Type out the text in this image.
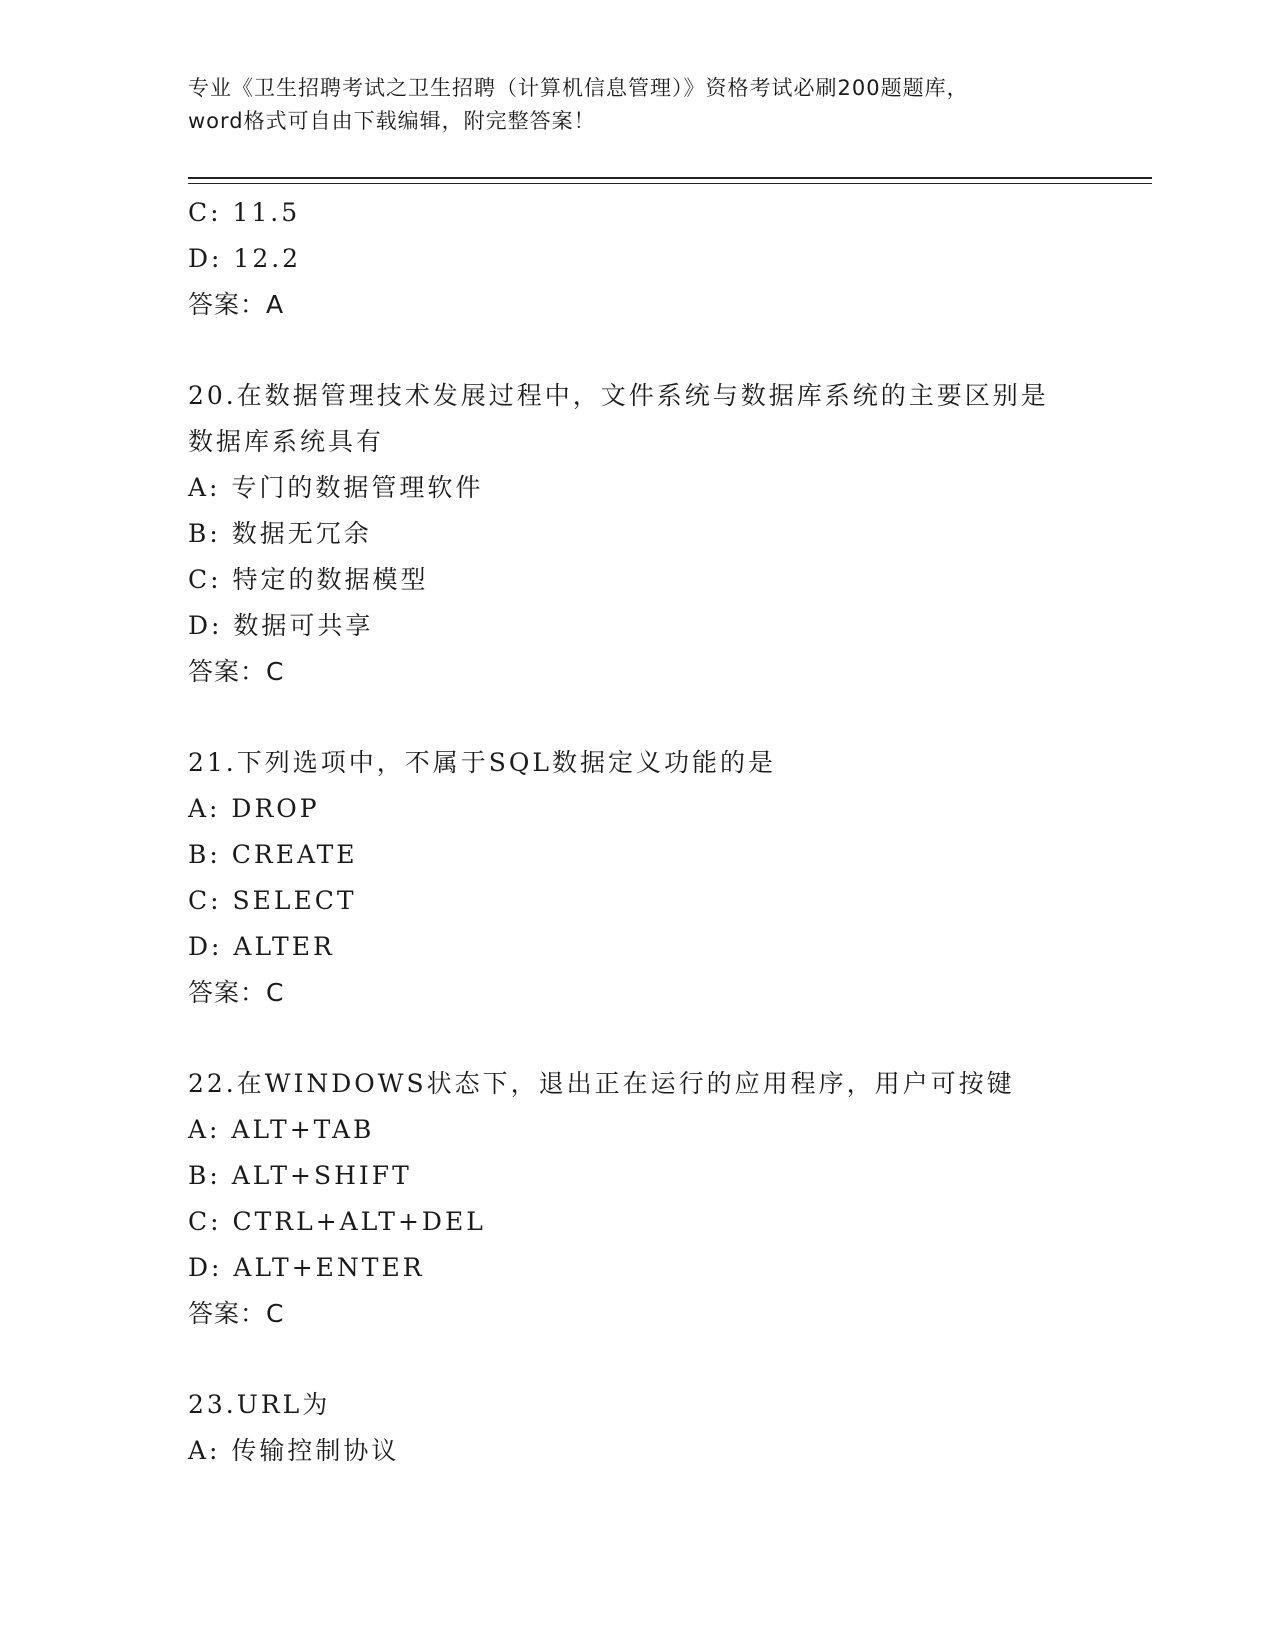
专业《卫生招聘考试之卫生招聘（计算机信息管理）》资格考试必刷200题题库，
word格式可自由下载编辑，附完整答案！
C: 11.5
D: 12.2
答案：A
20.在数据管理技术发展过程中，文件系统与数据库系统的主要区别是
数据库系统具有
A: 专门的数据管理软件
B: 数据无冗余
C: 特定的数据模型
D: 数据可共享
答案：C
21.下列选项中，不属于SQL数据定义功能的是
A: DROP
B: CREATE
C: SELECT
D: ALTER
答案：C
22.在WINDOWS状态下，退出正在运行的应用程序，用户可按键
A: ALT+TAB
B: ALT+SHIFT
C: CTRL+ALT+DEL
D: ALT+ENTER
答案：C
23.URL为
A: 传输控制协议
